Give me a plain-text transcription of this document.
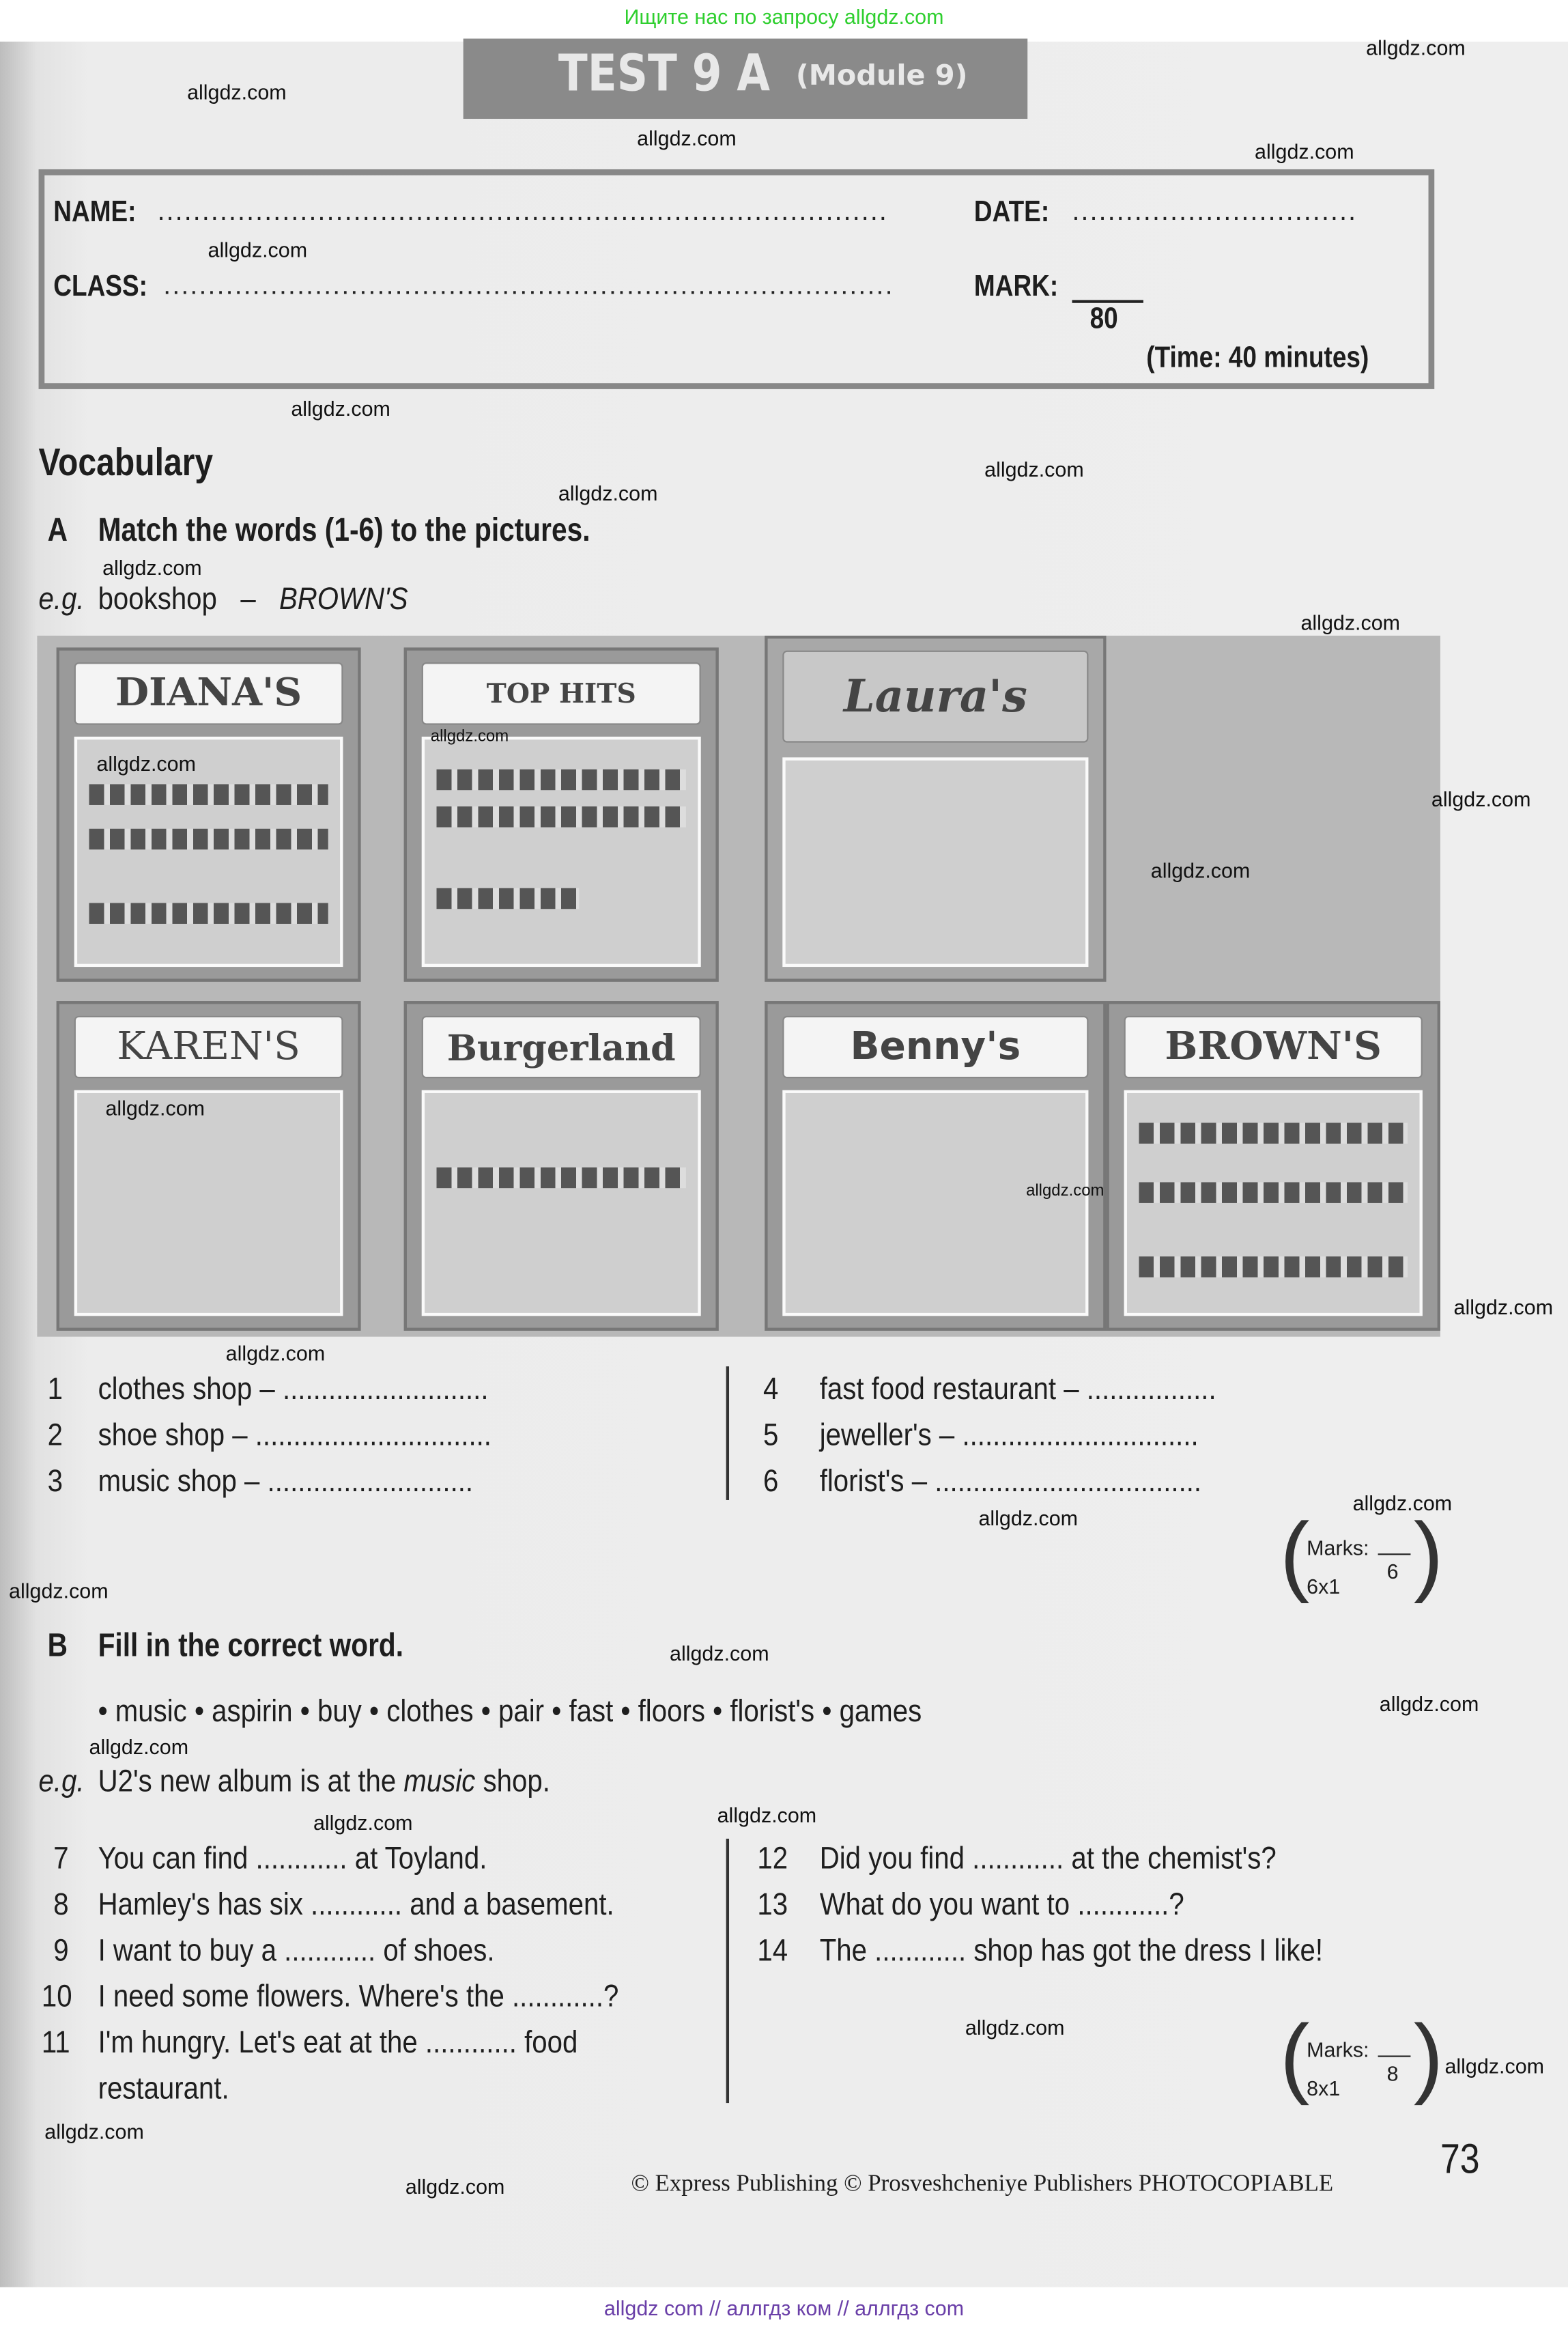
Ищите нас по запросу allgdz.com
TEST 9 A (Module 9)
NAME: ..................................................................................
CLASS: ..................................................................................
DATE: ................................
MARK:
80
(Time: 40 minutes)
Vocabulary
A Match the words (1-6) to the pictures.
e.g. bookshop – BROWN'S
DIANA'S	TOP HITS	Laura's
KAREN'S	Burgerland	Benny's	BROWN'S
1 clothes shop – ...........................
2 shoe shop – ...............................
3 music shop – ...........................
4	fast food restaurant – .................
5	jeweller's – ...............................
6	florist's – ...................................
(	)
Marks:
6
6x1
B Fill in the correct word.
• music • aspirin • buy • clothes • pair • fast • floors • florist's • games
e.g. U2's new album is at the music shop.
7 You can find ............ at Toyland.
8 Hamley's has six ............ and a basement.
9 I want to buy a ............ of shoes.
10 I need some flowers. Where's the ............?
11 I'm hungry. Let's eat at the ............ food
restaurant.
12 Did you find ............ at the chemist's?
13 What do you want to ............?
14 The ............ shop has got the dress I like!
(	)
Marks:
8
8x1
73
© Express Publishing © Prosveshcheniye Publishers PHOTOCOPIABLE
allgdz.com
allgdz.com
allgdz.com
allgdz.com
allgdz.com
allgdz.com
allgdz.com
allgdz.com
allgdz.com
allgdz.com
allgdz.com
allgdz.com
allgdz.com
allgdz.com
allgdz.com
allgdz.com
allgdz.com
allgdz.com
allgdz.com
allgdz.com
allgdz.com
allgdz.com
allgdz.com
allgdz.com
allgdz.com
allgdz.com
allgdz.com
allgdz.com
allgdz.com
allgdz.com
allgdz com // аллгдз ком // аллгдз com
